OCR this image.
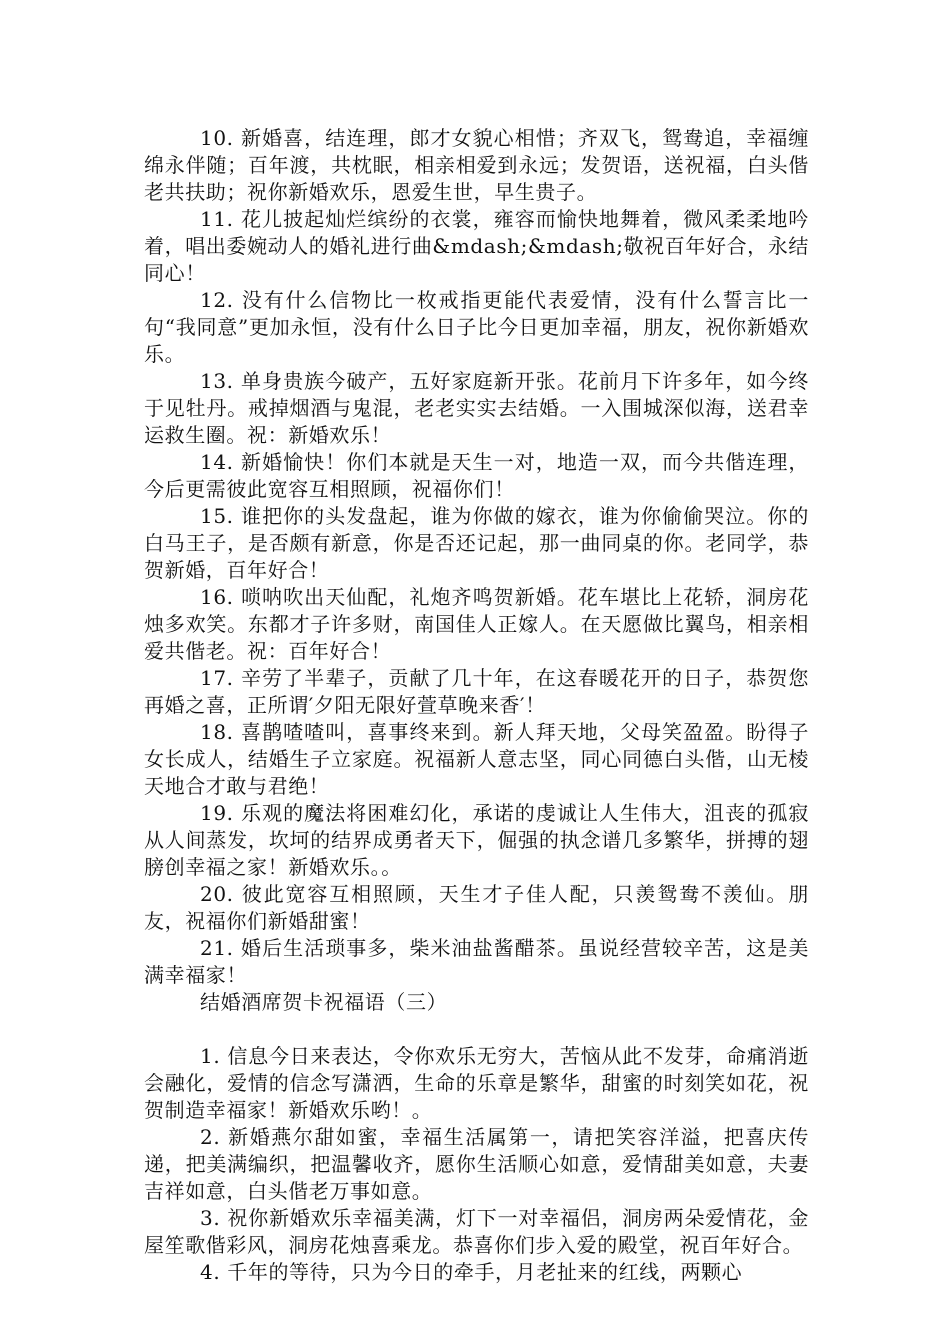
10. 新婚喜，结连理，郎才女貌心相惜；齐双飞，鸳鸯追，幸福缠绵永伴随；百年渡，共枕眠，相亲相爱到永远；发贺语，送祝福，白头偕老共扶助；祝你新婚欢乐，恩爱生世，早生贵子。

11. 花儿披起灿烂缤纷的衣裳，雍容而愉快地舞着，微风柔柔地吟着，唱出委婉动人的婚礼进行曲&mdash;&mdash;敬祝百年好合，永结同心！

12. 没有什么信物比一枚戒指更能代表爱情，没有什么誓言比一句“我同意”更加永恒，没有什么日子比今日更加幸福，朋友，祝你新婚欢乐。

13. 单身贵族今破产，五好家庭新开张。花前月下许多年，如今终于见牡丹。戒掉烟酒与鬼混，老老实实去结婚。一入围城深似海，送君幸运救生圈。祝：新婚欢乐！

14. 新婚愉快！你们本就是天生一对，地造一双，而今共偕连理，今后更需彼此宽容互相照顾，祝福你们！

15. 谁把你的头发盘起，谁为你做的嫁衣，谁为你偷偷哭泣。你的白马王子，是否颇有新意，你是否还记起，那一曲同桌的你。老同学，恭贺新婚，百年好合！

16. 唢呐吹出天仙配，礼炮齐鸣贺新婚。花车堪比上花轿，洞房花烛多欢笑。东都才子许多财，南国佳人正嫁人。在天愿做比翼鸟，相亲相爱共偕老。祝：百年好合！

17. 辛劳了半辈子，贡献了几十年，在这春暖花开的日子，恭贺您再婚之喜，正所谓′夕阳无限好萱草晚来香′！

18. 喜鹊喳喳叫，喜事终来到。新人拜天地，父母笑盈盈。盼得子女长成人，结婚生子立家庭。祝福新人意志坚，同心同德白头偕，山无棱天地合才敢与君绝！

19. 乐观的魔法将困难幻化，承诺的虔诚让人生伟大，沮丧的孤寂从人间蒸发，坎坷的结界成勇者天下，倔强的执念谱几多繁华，拼搏的翅膀创幸福之家！新婚欢乐。。

20. 彼此宽容互相照顾，天生才子佳人配，只羡鸳鸯不羡仙。朋友，祝福你们新婚甜蜜！

21. 婚后生活琐事多，柴米油盐酱醋茶。虽说经营较辛苦，这是美满幸福家！

结婚酒席贺卡祝福语（三）

1. 信息今日来表达，令你欢乐无穷大，苦恼从此不发芽，命痛消逝会融化，爱情的信念写潇洒，生命的乐章是繁华，甜蜜的时刻笑如花，祝贺制造幸福家！新婚欢乐哟！。

2. 新婚燕尔甜如蜜，幸福生活属第一，请把笑容洋溢，把喜庆传递，把美满编织，把温馨收齐，愿你生活顺心如意，爱情甜美如意，夫妻吉祥如意，白头偕老万事如意。

3. 祝你新婚欢乐幸福美满，灯下一对幸福侣，洞房两朵爱情花，金屋笙歌偕彩风，洞房花烛喜乘龙。恭喜你们步入爱的殿堂，祝百年好合。

4. 千年的等待，只为今日的牵手，月老扯来的红线，两颗心
